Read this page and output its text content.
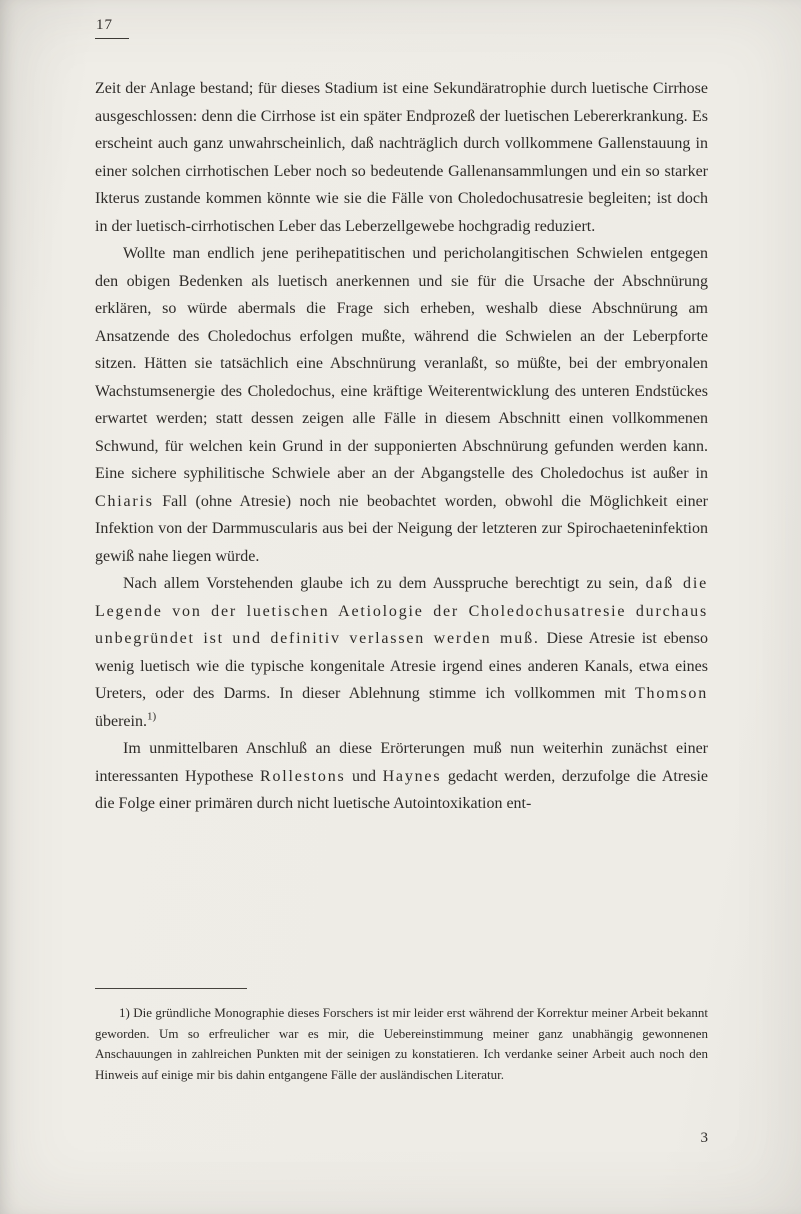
17

Zeit der Anlage bestand; für dieses Stadium ist eine Sekundäratrophie durch luetische Cirrhose ausgeschlossen: denn die Cirrhose ist ein später Endprozeß der luetischen Lebererkrankung. Es erscheint auch ganz unwahrscheinlich, daß nachträglich durch vollkommene Gallenstauung in einer solchen cirrhotischen Leber noch so bedeutende Gallenansammlungen und ein so starker Ikterus zustande kommen könnte wie sie die Fälle von Choledochusatresie begleiten; ist doch in der luetisch-cirrhotischen Leber das Leberzellgewebe hochgradig reduziert.

Wollte man endlich jene perihepatitischen und pericholangitischen Schwielen entgegen den obigen Bedenken als luetisch anerkennen und sie für die Ursache der Abschnürung erklären, so würde abermals die Frage sich erheben, weshalb diese Abschnürung am Ansatzende des Choledochus erfolgen mußte, während die Schwielen an der Leberpforte sitzen. Hätten sie tatsächlich eine Abschnürung veranlaßt, so müßte, bei der embryonalen Wachstumsenergie des Choledochus, eine kräftige Weiterentwicklung des unteren Endstückes erwartet werden; statt dessen zeigen alle Fälle in diesem Abschnitt einen vollkommenen Schwund, für welchen kein Grund in der supponierten Abschnürung gefunden werden kann. Eine sichere syphilitische Schwiele aber an der Abgangstelle des Choledochus ist außer in Chiaris Fall (ohne Atresie) noch nie beobachtet worden, obwohl die Möglichkeit einer Infektion von der Darmmuscularis aus bei der Neigung der letzteren zur Spirochaeteninfektion gewiß nahe liegen würde.

Nach allem Vorstehenden glaube ich zu dem Ausspruche berechtigt zu sein, daß die Legende von der luetischen Aetiologie der Choledochusatresie durchaus unbegründet ist und definitiv verlassen werden muß. Diese Atresie ist ebenso wenig luetisch wie die typische kongenitale Atresie irgend eines anderen Kanals, etwa eines Ureters, oder des Darms. In dieser Ablehnung stimme ich vollkommen mit Thomson überein.$^{1)}$

Im unmittelbaren Anschluß an diese Erörterungen muß nun weiterhin zunächst einer interessanten Hypothese Rollestons und Haynes gedacht werden, derzufolge die Atresie die Folge einer primären durch nicht luetische Autointoxikation ent-

1) Die gründliche Monographie dieses Forschers ist mir leider erst während der Korrektur meiner Arbeit bekannt geworden. Um so erfreulicher war es mir, die Uebereinstimmung meiner ganz unabhängig gewonnenen Anschauungen in zahlreichen Punkten mit der seinigen zu konstatieren. Ich verdanke seiner Arbeit auch noch den Hinweis auf einige mir bis dahin entgangene Fälle der ausländischen Literatur.

3
